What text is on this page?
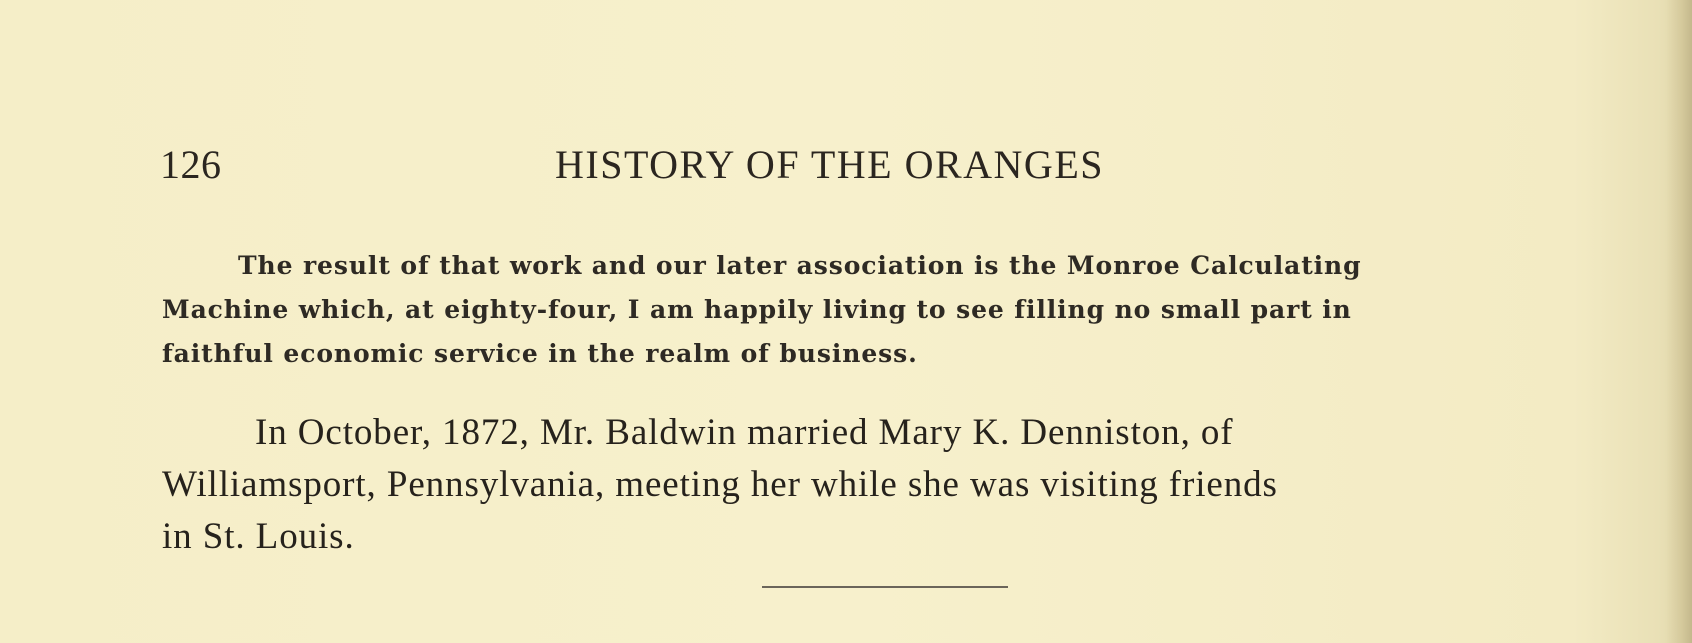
126	HISTORY OF THE ORANGES
The result of that work and our later association is the Monroe Calculating
Machine which, at eighty-four, I am happily living to see filling no small part in
faithful economic service in the realm of business.
In October, 1872, Mr. Baldwin married Mary K. Denniston, of
Williamsport, Pennsylvania, meeting her while she was visiting friends
in St. Louis.
